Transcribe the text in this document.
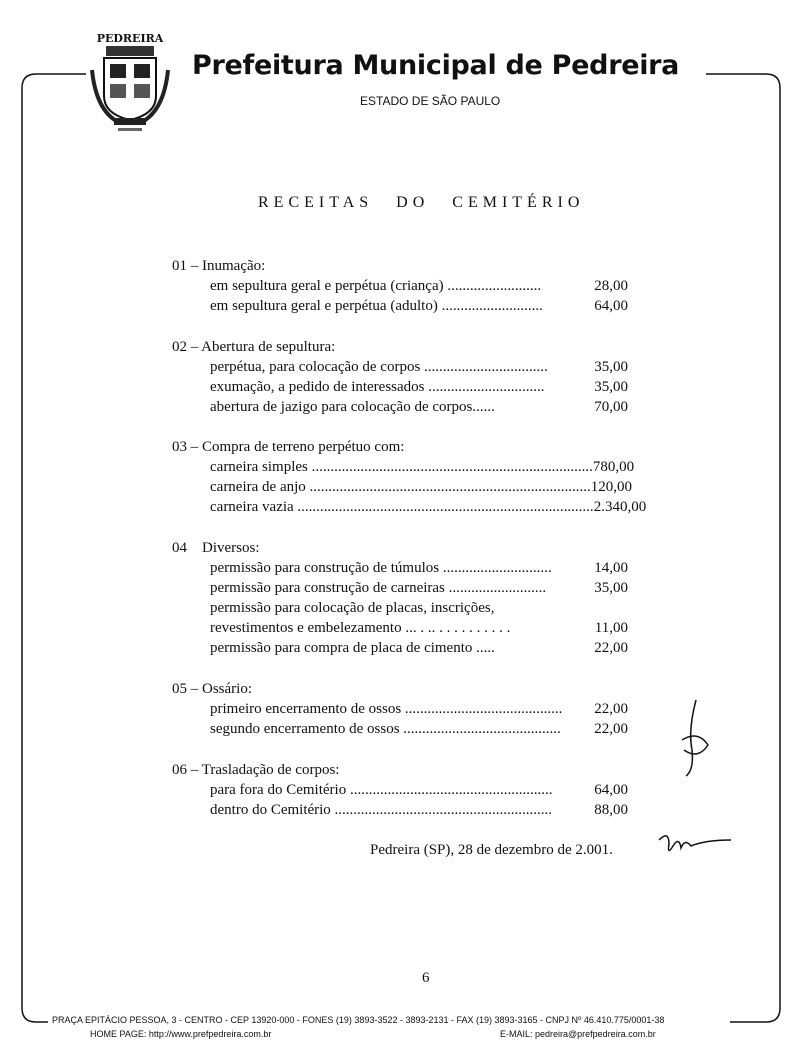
PEDREIRA
Prefeitura Municipal de Pedreira
ESTADO DE SÃO PAULO
RECEITAS DO CEMITÉRIO
01 – Inumação:
em sepultura geral e perpétua (criança) .........................	28,00
em sepultura geral e perpétua (adulto) ...........................	64,00
02 – Abertura de sepultura:
perpétua, para colocação de corpos .................................	35,00
exumação, a pedido de interessados ...............................	35,00
abertura de jazigo para colocação de corpos......	70,00
03 – Compra de terreno perpétuo com:
carneira simples ........................................................................... 780,00
carneira de anjo ........................................................................... 120,00
carneira vazia ............................................................................... 2.340,00
04    Diversos:
permissão para construção de túmulos .............................	14,00
permissão para construção de carneiras ..........................	35,00
permissão para colocação de placas, inscrições,
revestimentos e embelezamento ... . .. . . . . . . . . . .	11,00
permissão para compra de placa de cimento .....	22,00
05 – Ossário:
primeiro encerramento de ossos ..........................................	22,00
segundo encerramento de ossos ..........................................	22,00
06 – Trasladação de corpos:
para fora do Cemitério ......................................................	64,00
dentro do Cemitério ..........................................................	88,00
Pedreira (SP), 28 de dezembro de 2.001.
6
PRAÇA EPITÁCIO PESSOA, 3 - CENTRO - CEP 13920-000 - FONES (19) 3893-3522 - 3893-2131 - FAX (19) 3893-3165 - CNPJ Nº 46.410.775/0001-38
HOME PAGE: http://www.prefpedreira.com.br	E-MAIL: pedreira@prefpedreira.com.br
